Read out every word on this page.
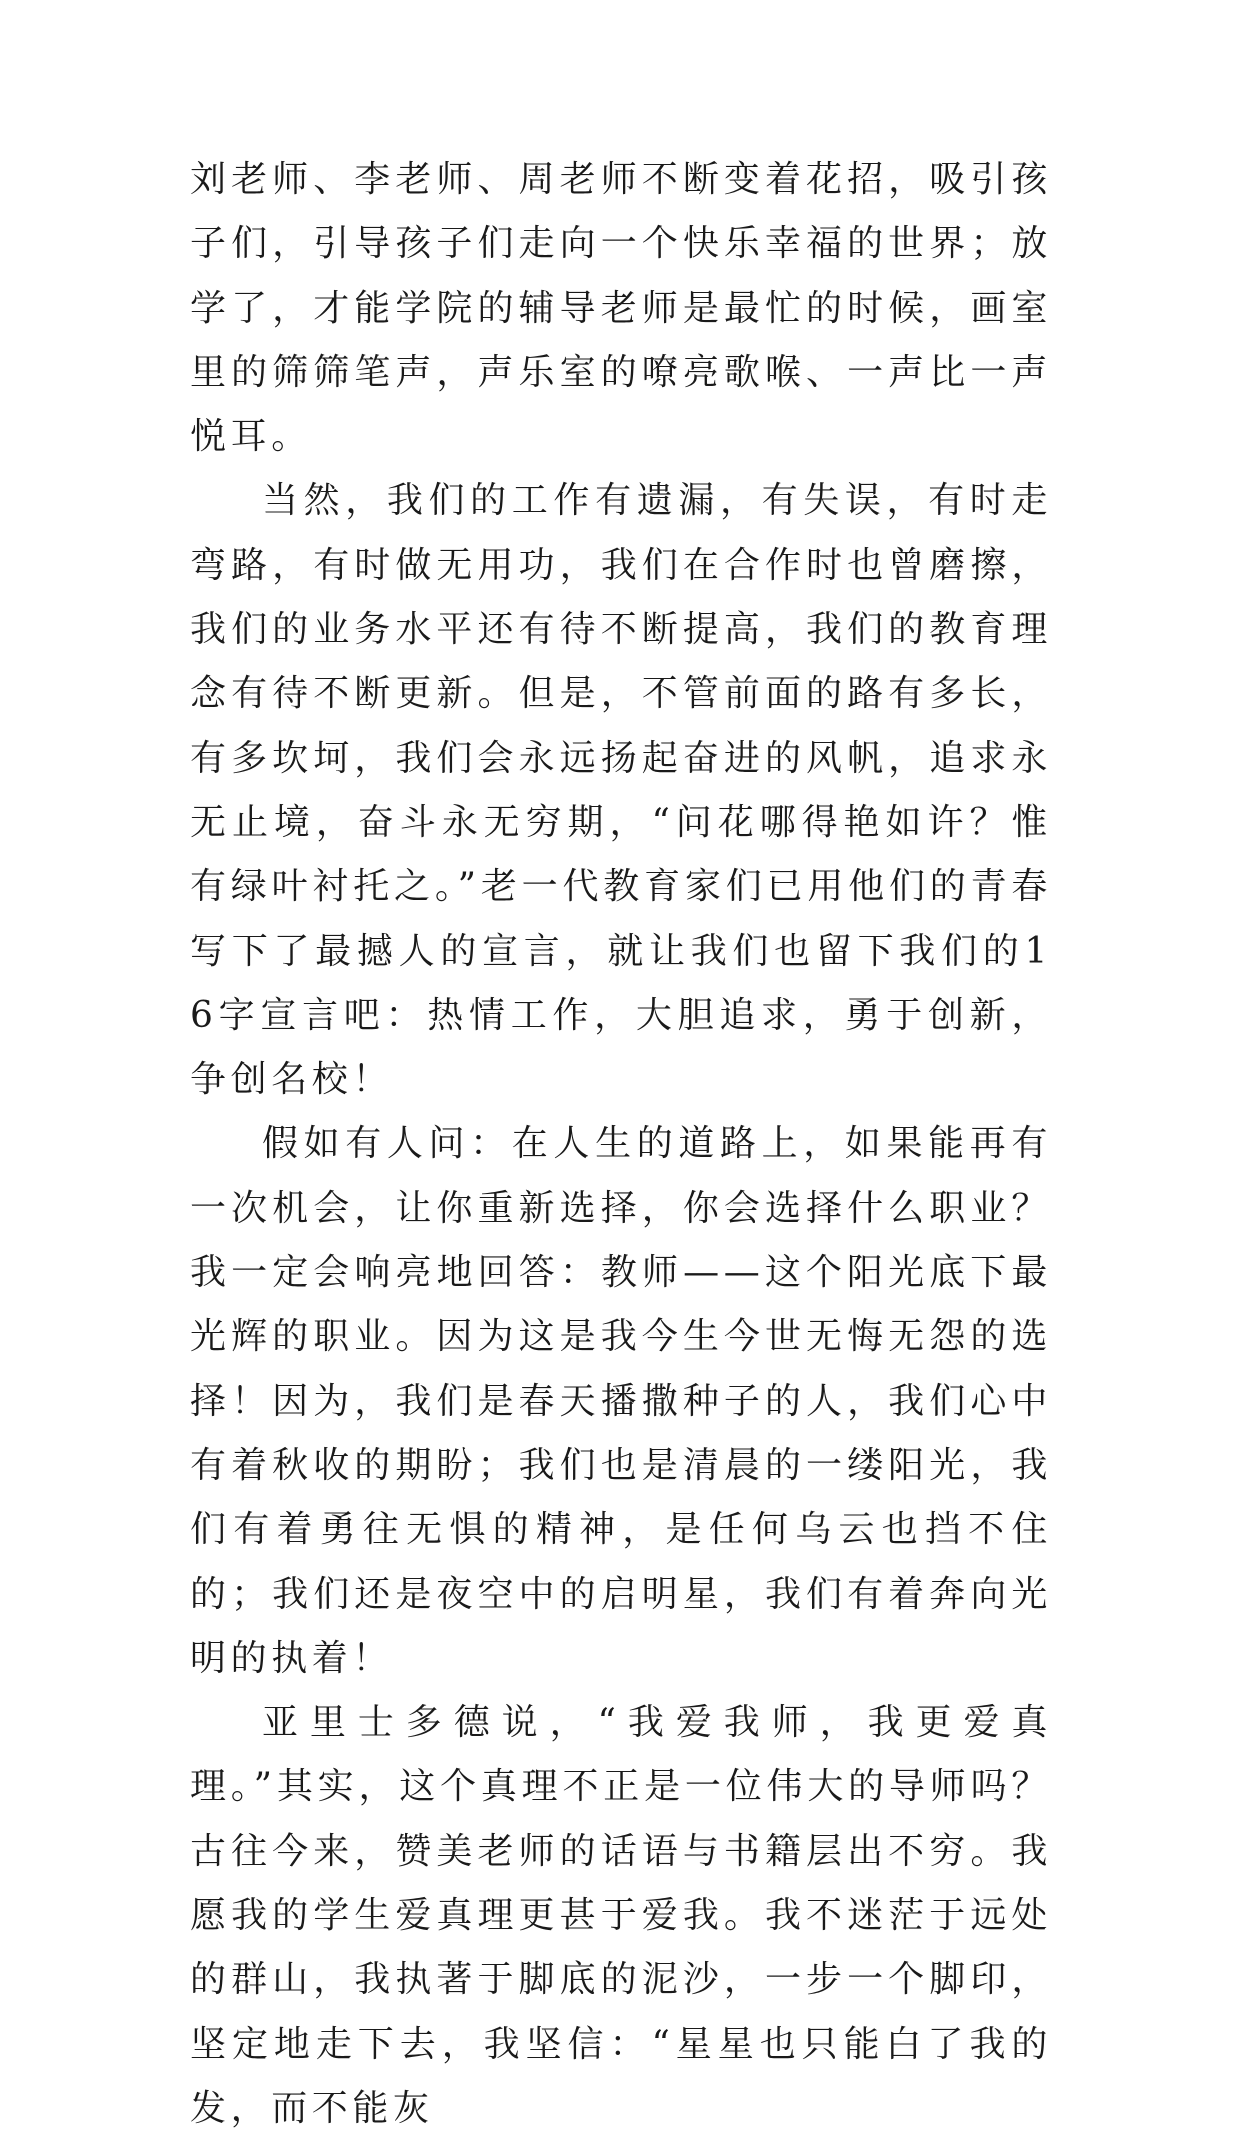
刘老师、李老师、周老师不断变着花招，吸引孩子们，引导孩子们走向一个快乐幸福的世界；放学了，才能学院的辅导老师是最忙的时候，画室里的筛筛笔声，声乐室的嘹亮歌喉、一声比一声悦耳。

当然，我们的工作有遗漏，有失误，有时走弯路，有时做无用功，我们在合作时也曾磨擦，我们的业务水平还有待不断提高，我们的教育理念有待不断更新。但是，不管前面的路有多长，有多坎坷，我们会永远扬起奋进的风帆，追求永无止境，奋斗永无穷期，“问花哪得艳如许？惟有绿叶衬托之。”老一代教育家们已用他们的青春写下了最撼人的宣言，就让我们也留下我们的16字宣言吧：热情工作，大胆追求，勇于创新，争创名校！

假如有人问：在人生的道路上，如果能再有一次机会，让你重新选择，你会选择什么职业？我一定会响亮地回答：教师——这个阳光底下最光辉的职业。因为这是我今生今世无悔无怨的选择！因为，我们是春天播撒种子的人，我们心中有着秋收的期盼；我们也是清晨的一缕阳光，我们有着勇往无惧的精神，是任何乌云也挡不住的；我们还是夜空中的启明星，我们有着奔向光明的执着！

亚里士多德说，“我爱我师，我更爱真理。”其实，这个真理不正是一位伟大的导师吗？古往今来，赞美老师的话语与书籍层出不穷。我愿我的学生爱真理更甚于爱我。我不迷茫于远处的群山，我执著于脚底的泥沙，一步一个脚印，坚定地走下去，我坚信：“星星也只能白了我的发，而不能灰
